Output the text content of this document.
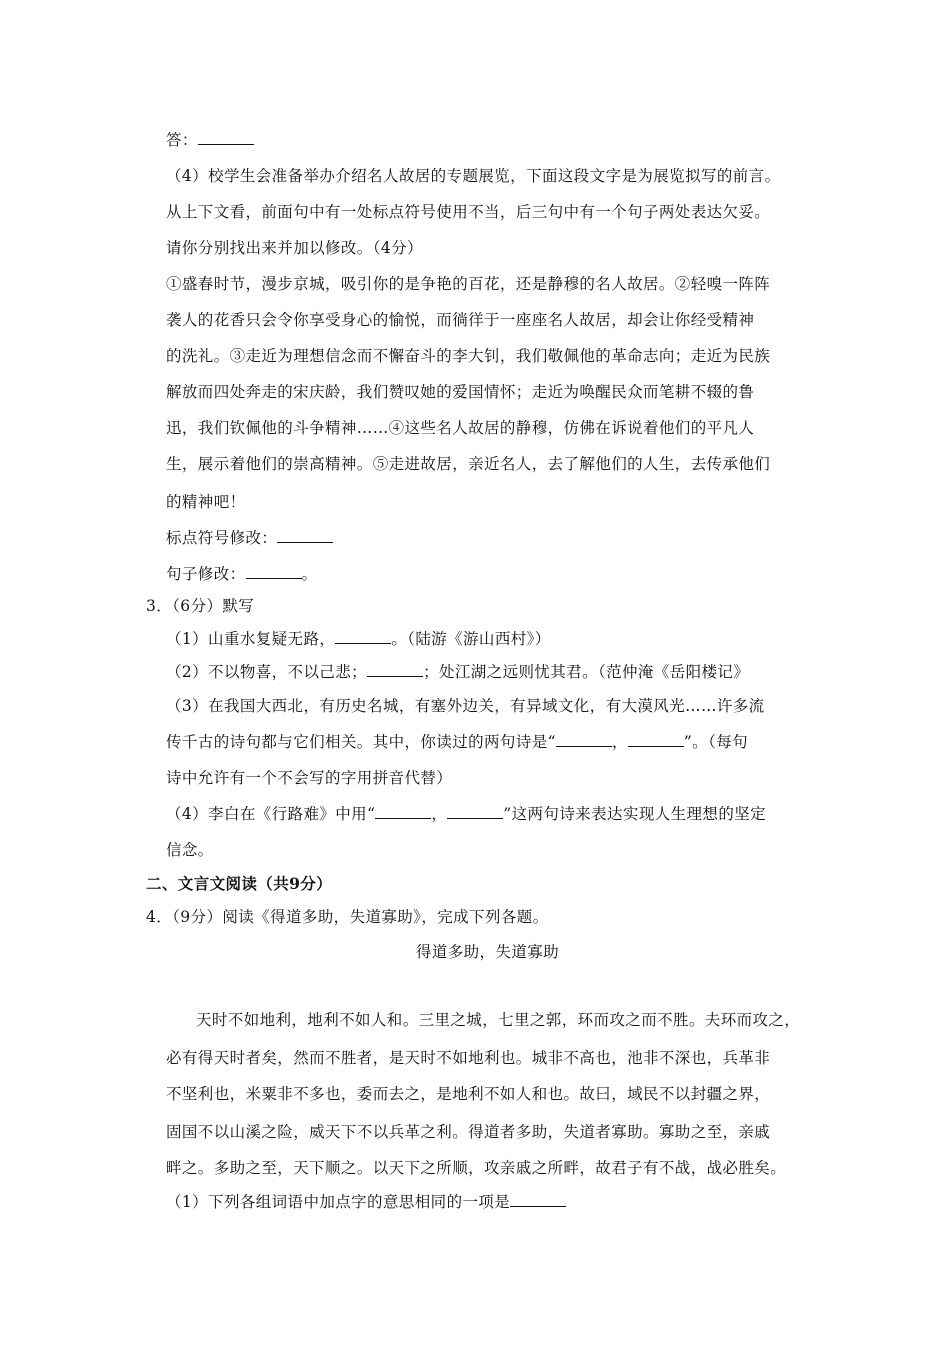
答：
（4）校学生会准备举办介绍名人故居的专题展览，下面这段文字是为展览拟写的前言。
从上下文看，前面句中有一处标点符号使用不当，后三句中有一个句子两处表达欠妥。
请你分别找出来并加以修改。（4分）
①盛春时节，漫步京城，吸引你的是争艳的百花，还是静穆的名人故居。②轻嗅一阵阵
袭人的花香只会令你享受身心的愉悦，而徜徉于一座座名人故居，却会让你经受精神
的洗礼。③走近为理想信念而不懈奋斗的李大钊，我们敬佩他的革命志向；走近为民族
解放而四处奔走的宋庆龄，我们赞叹她的爱国情怀；走近为唤醒民众而笔耕不辍的鲁
迅，我们钦佩他的斗争精神……④这些名人故居的静穆，仿佛在诉说着他们的平凡人
生，展示着他们的崇高精神。⑤走进故居，亲近名人，去了解他们的人生，去传承他们
的精神吧！
标点符号修改：
句子修改：	。
3．（6分）默写
（1）山重水复疑无路，	。（陆游《游山西村》）
（2）不以物喜，不以己悲；	；处江湖之远则忧其君。（范仲淹《岳阳楼记》
（3）在我国大西北，有历史名城，有塞外边关，有异域文化，有大漠风光……许多流
传千古的诗句都与它们相关。其中，你读过的两句诗是“	，	”。（每句
诗中允许有一个不会写的字用拼音代替）
（4）李白在《行路难》中用“	，	”这两句诗来表达实现人生理想的坚定
信念。
二、文言文阅读（共9分）
4．（9分）阅读《得道多助，失道寡助》，完成下列各题。
得道多助，失道寡助
天时不如地利，地利不如人和。三里之城，七里之郭，环而攻之而不胜。夫环而攻之，
必有得天时者矣，然而不胜者，是天时不如地利也。城非不高也，池非不深也，兵革非
不坚利也，米粟非不多也，委而去之，是地利不如人和也。故曰，域民不以封疆之界，
固国不以山溪之险，威天下不以兵革之利。得道者多助，失道者寡助。寡助之至，亲戚
畔之。多助之至，天下顺之。以天下之所顺，攻亲戚之所畔，故君子有不战，战必胜矣。
（1）下列各组词语中加点字的意思相同的一项是
